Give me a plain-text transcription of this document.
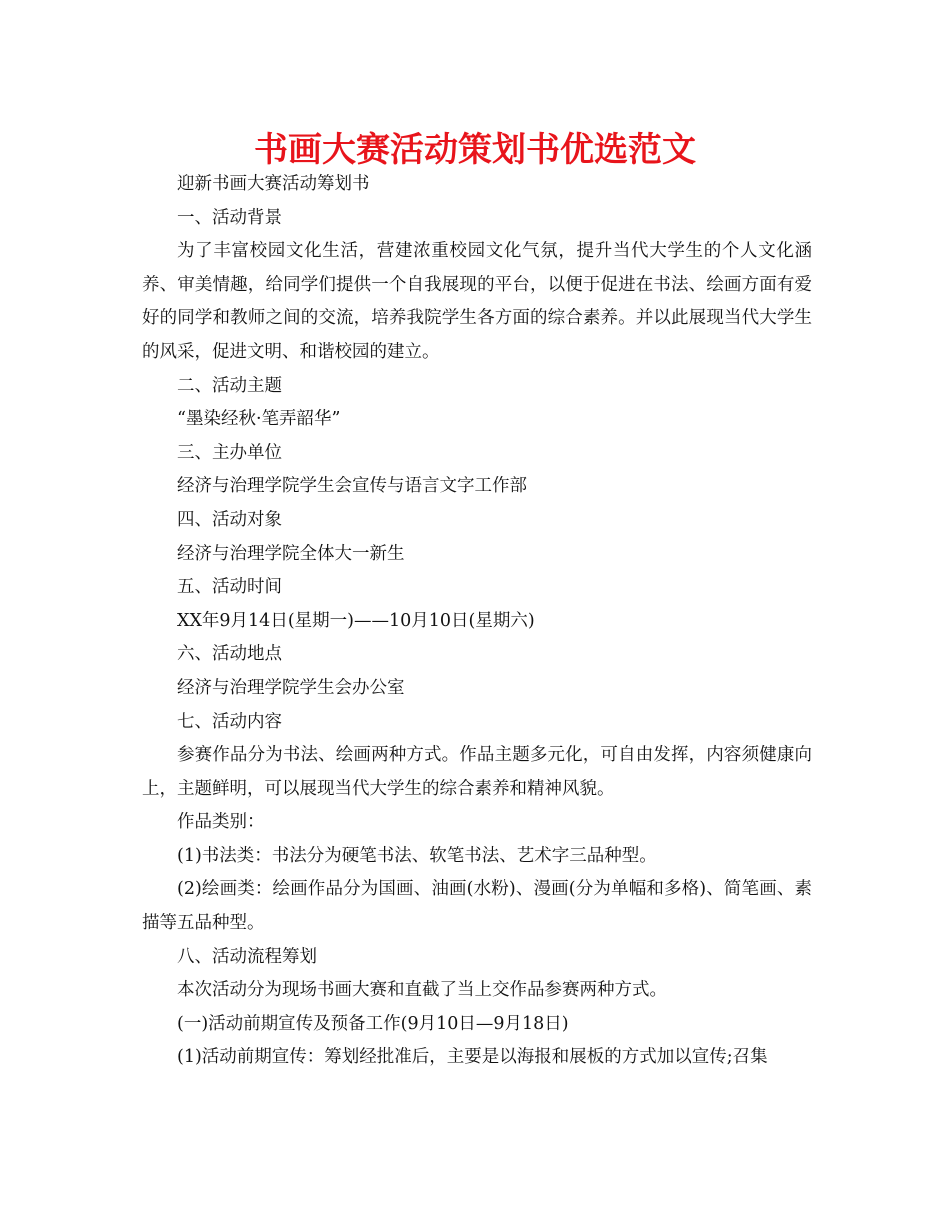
书画大赛活动策划书优选范文

迎新书画大赛活动筹划书

一、活动背景

为了丰富校园文化生活，营建浓重校园文化气氛，提升当代大学生的个人文化涵养、审美情趣，给同学们提供一个自我展现的平台，以便于促进在书法、绘画方面有爱好的同学和教师之间的交流，培养我院学生各方面的综合素养。并以此展现当代大学生的风采，促进文明、和谐校园的建立。

二、活动主题

“墨染经秋·笔弄韶华”

三、主办单位

经济与治理学院学生会宣传与语言文字工作部

四、活动对象

经济与治理学院全体大一新生

五、活动时间

XX年9月14日(星期一)——10月10日(星期六)

六、活动地点

经济与治理学院学生会办公室

七、活动内容

参赛作品分为书法、绘画两种方式。作品主题多元化，可自由发挥，内容须健康向上，主题鲜明，可以展现当代大学生的综合素养和精神风貌。

作品类别：

(1)书法类：书法分为硬笔书法、软笔书法、艺术字三品种型。

(2)绘画类：绘画作品分为国画、油画(水粉)、漫画(分为单幅和多格)、简笔画、素描等五品种型。

八、活动流程筹划

本次活动分为现场书画大赛和直截了当上交作品参赛两种方式。

(一)活动前期宣传及预备工作(9月10日—9月18日)

(1)活动前期宣传：筹划经批准后，主要是以海报和展板的方式加以宣传;召集
